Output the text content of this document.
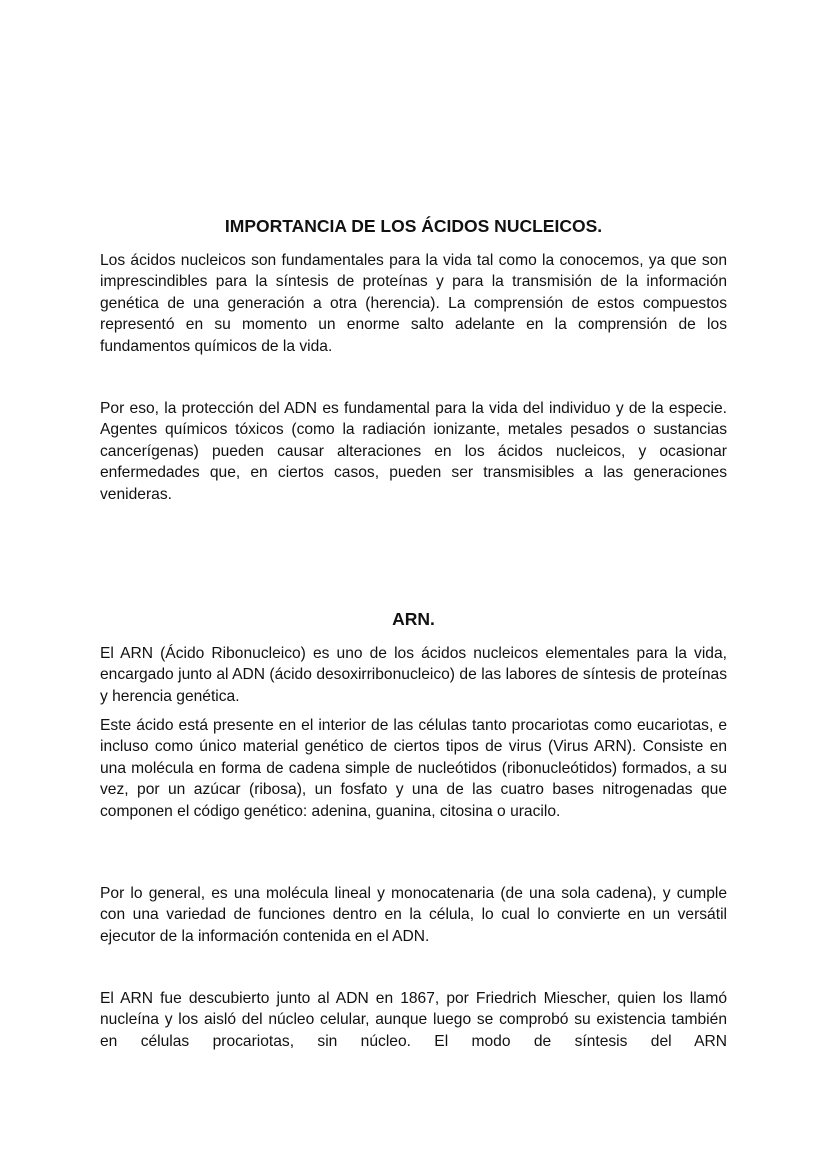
IMPORTANCIA DE LOS ÁCIDOS NUCLEICOS.

Los ácidos nucleicos son fundamentales para la vida tal como la conocemos, ya que son imprescindibles para la síntesis de proteínas y para la transmisión de la información genética de una generación a otra (herencia). La comprensión de estos compuestos representó en su momento un enorme salto adelante en la comprensión de los fundamentos químicos de la vida.

Por eso, la protección del ADN es fundamental para la vida del individuo y de la especie. Agentes químicos tóxicos (como la radiación ionizante, metales pesados o sustancias cancerígenas) pueden causar alteraciones en los ácidos nucleicos, y ocasionar enfermedades que, en ciertos casos, pueden ser transmisibles a las generaciones venideras.

ARN.

El ARN (Ácido Ribonucleico) es uno de los ácidos nucleicos elementales para la vida, encargado junto al ADN (ácido desoxirribonucleico) de las labores de síntesis de proteínas y herencia genética.

Este ácido está presente en el interior de las células tanto procariotas como eucariotas, e incluso como único material genético de ciertos tipos de virus (Virus ARN). Consiste en una molécula en forma de cadena simple de nucleótidos (ribonucleótidos) formados, a su vez, por un azúcar (ribosa), un fosfato y una de las cuatro bases nitrogenadas que componen el código genético: adenina, guanina, citosina o uracilo.

Por lo general, es una molécula lineal y monocatenaria (de una sola cadena), y cumple con una variedad de funciones dentro en la célula, lo cual lo convierte en un versátil ejecutor de la información contenida en el ADN.

El ARN fue descubierto junto al ADN en 1867, por Friedrich Miescher, quien los llamó nucleína y los aisló del núcleo celular, aunque luego se comprobó su existencia también en células procariotas, sin núcleo. El modo de síntesis del ARN
